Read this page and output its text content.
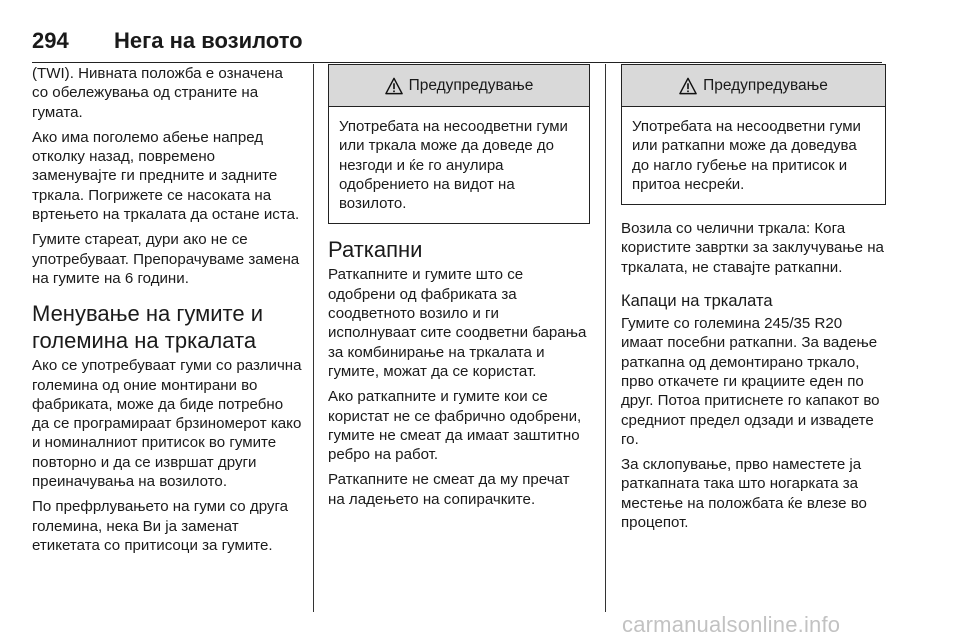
294 Нега на возилото

(TWI). Нивната положба е означена со обележувања од страните на гумата.

Ако има поголемо абење напред отколку назад, повремено заменувајте ги предните и задните тркала. Погрижете се насоката на вртењето на тркалата да остане иста.

Гумите стареат, дури ако не се употребуваат. Препорачуваме замена на гумите на 6 години.

Менување на гумите и големина на тркалата

Ако се употребуваат гуми со различна големина од оние монтирани во фабриката, може да биде потребно да се програмираат брзиномерот како и номиналниот притисок во гумите повторно и да се извршат други преиначувања на возилото.

По префрлувањето на гуми со друга големина, нека Ви ја заменат етикетата со притисоци за гумите.

Предупредување

Употребата на несоодветни гуми или тркала може да доведе до незгоди и ќе го анулира одобрението на видот на возилото.

Раткапни

Раткапните и гумите што се одобрени од фабриката за соодветното возило и ги исполнуваат сите соодветни барања за комбинирање на тркалата и гумите, можат да се користат.

Ако раткапните и гумите кои се користат не се фабрично одобрени, гумите не смеат да имаат заштитно ребро на работ.

Раткапните не смеат да му пречат на ладењето на сопирачките.

Предупредување

Употребата на несоодветни гуми или раткапни може да доведува до нагло губење на притисок и притоа несреќи.

Возила со челични тркала: Кога користите завртки за заклучување на тркалата, не ставајте раткапни.

Капаци на тркалата

Гумите со големина 245/35 R20 имаат посебни раткапни. За вадење раткапна од демонтирано тркало, прво откачете ги крациите еден по друг. Потоа притиснете го капакот во средниот предел одзади и извадете го.

За склопување, прво наместете ја раткапната така што ногарката за местење на положбата ќе влезе во процепот.

carmanualsonline.info
